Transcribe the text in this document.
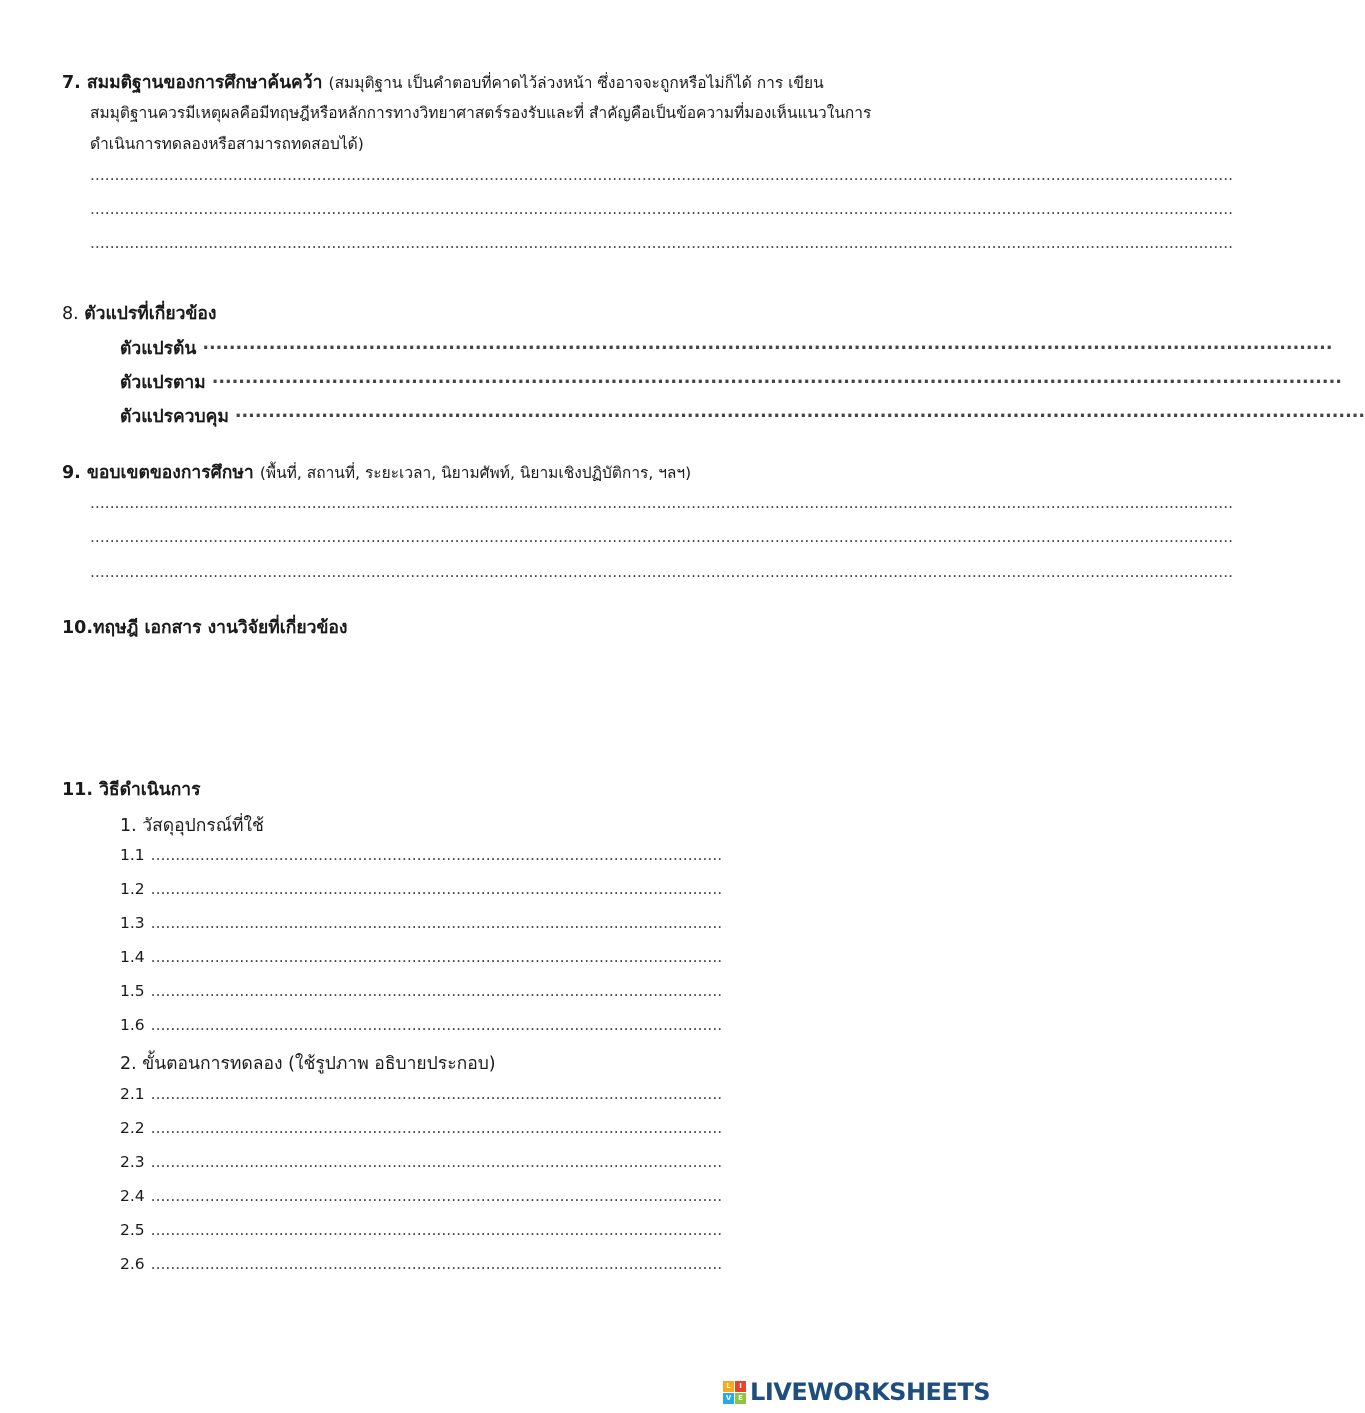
7. สมมติฐานของการศึกษาค้นคว้า (สมมุติฐาน เป็นคำตอบที่คาดไว้ล่วงหน้า ซึ่งอาจจะถูกหรือไม่ก็ได้ การ เขียน
สมมุติฐานควรมีเหตุผลคือมีทฤษฎีหรือหลักการทางวิทยาศาสตร์รองรับและที่ สำคัญคือเป็นข้อความที่มองเห็นแนวในการ
ดำเนินการทดลองหรือสามารถทดสอบได้)
........................................................................................................................................................................................................................................
........................................................................................................................................................................................................................................
........................................................................................................................................................................................................................................
8. ตัวแปรที่เกี่ยวข้อง
ตัวแปรต้น ..........................................................................................................................................................................
ตัวแปรตาม ..........................................................................................................................................................................
ตัวแปรควบคุม ..........................................................................................................................................................................
9. ขอบเขตของการศึกษา (พื้นที่, สถานที่, ระยะเวลา, นิยามศัพท์, นิยามเชิงปฏิบัติการ, ฯลฯ)
........................................................................................................................................................................................................................................
........................................................................................................................................................................................................................................
........................................................................................................................................................................................................................................
10.ทฤษฎี เอกสาร งานวิจัยที่เกี่ยวข้อง
11. วิธีดำเนินการ
1. วัสดุอุปกรณ์ที่ใช้
1.1 ....................................................................................................................
1.2 ....................................................................................................................
1.3 ....................................................................................................................
1.4 ....................................................................................................................
1.5 ....................................................................................................................
1.6 ....................................................................................................................
2. ขั้นตอนการทดลอง (ใช้รูปภาพ อธิบายประกอบ)
2.1 ....................................................................................................................
2.2 ....................................................................................................................
2.3 ....................................................................................................................
2.4 ....................................................................................................................
2.5 ....................................................................................................................
2.6 ....................................................................................................................
L	I
V E LIVEWORKSHEETS
